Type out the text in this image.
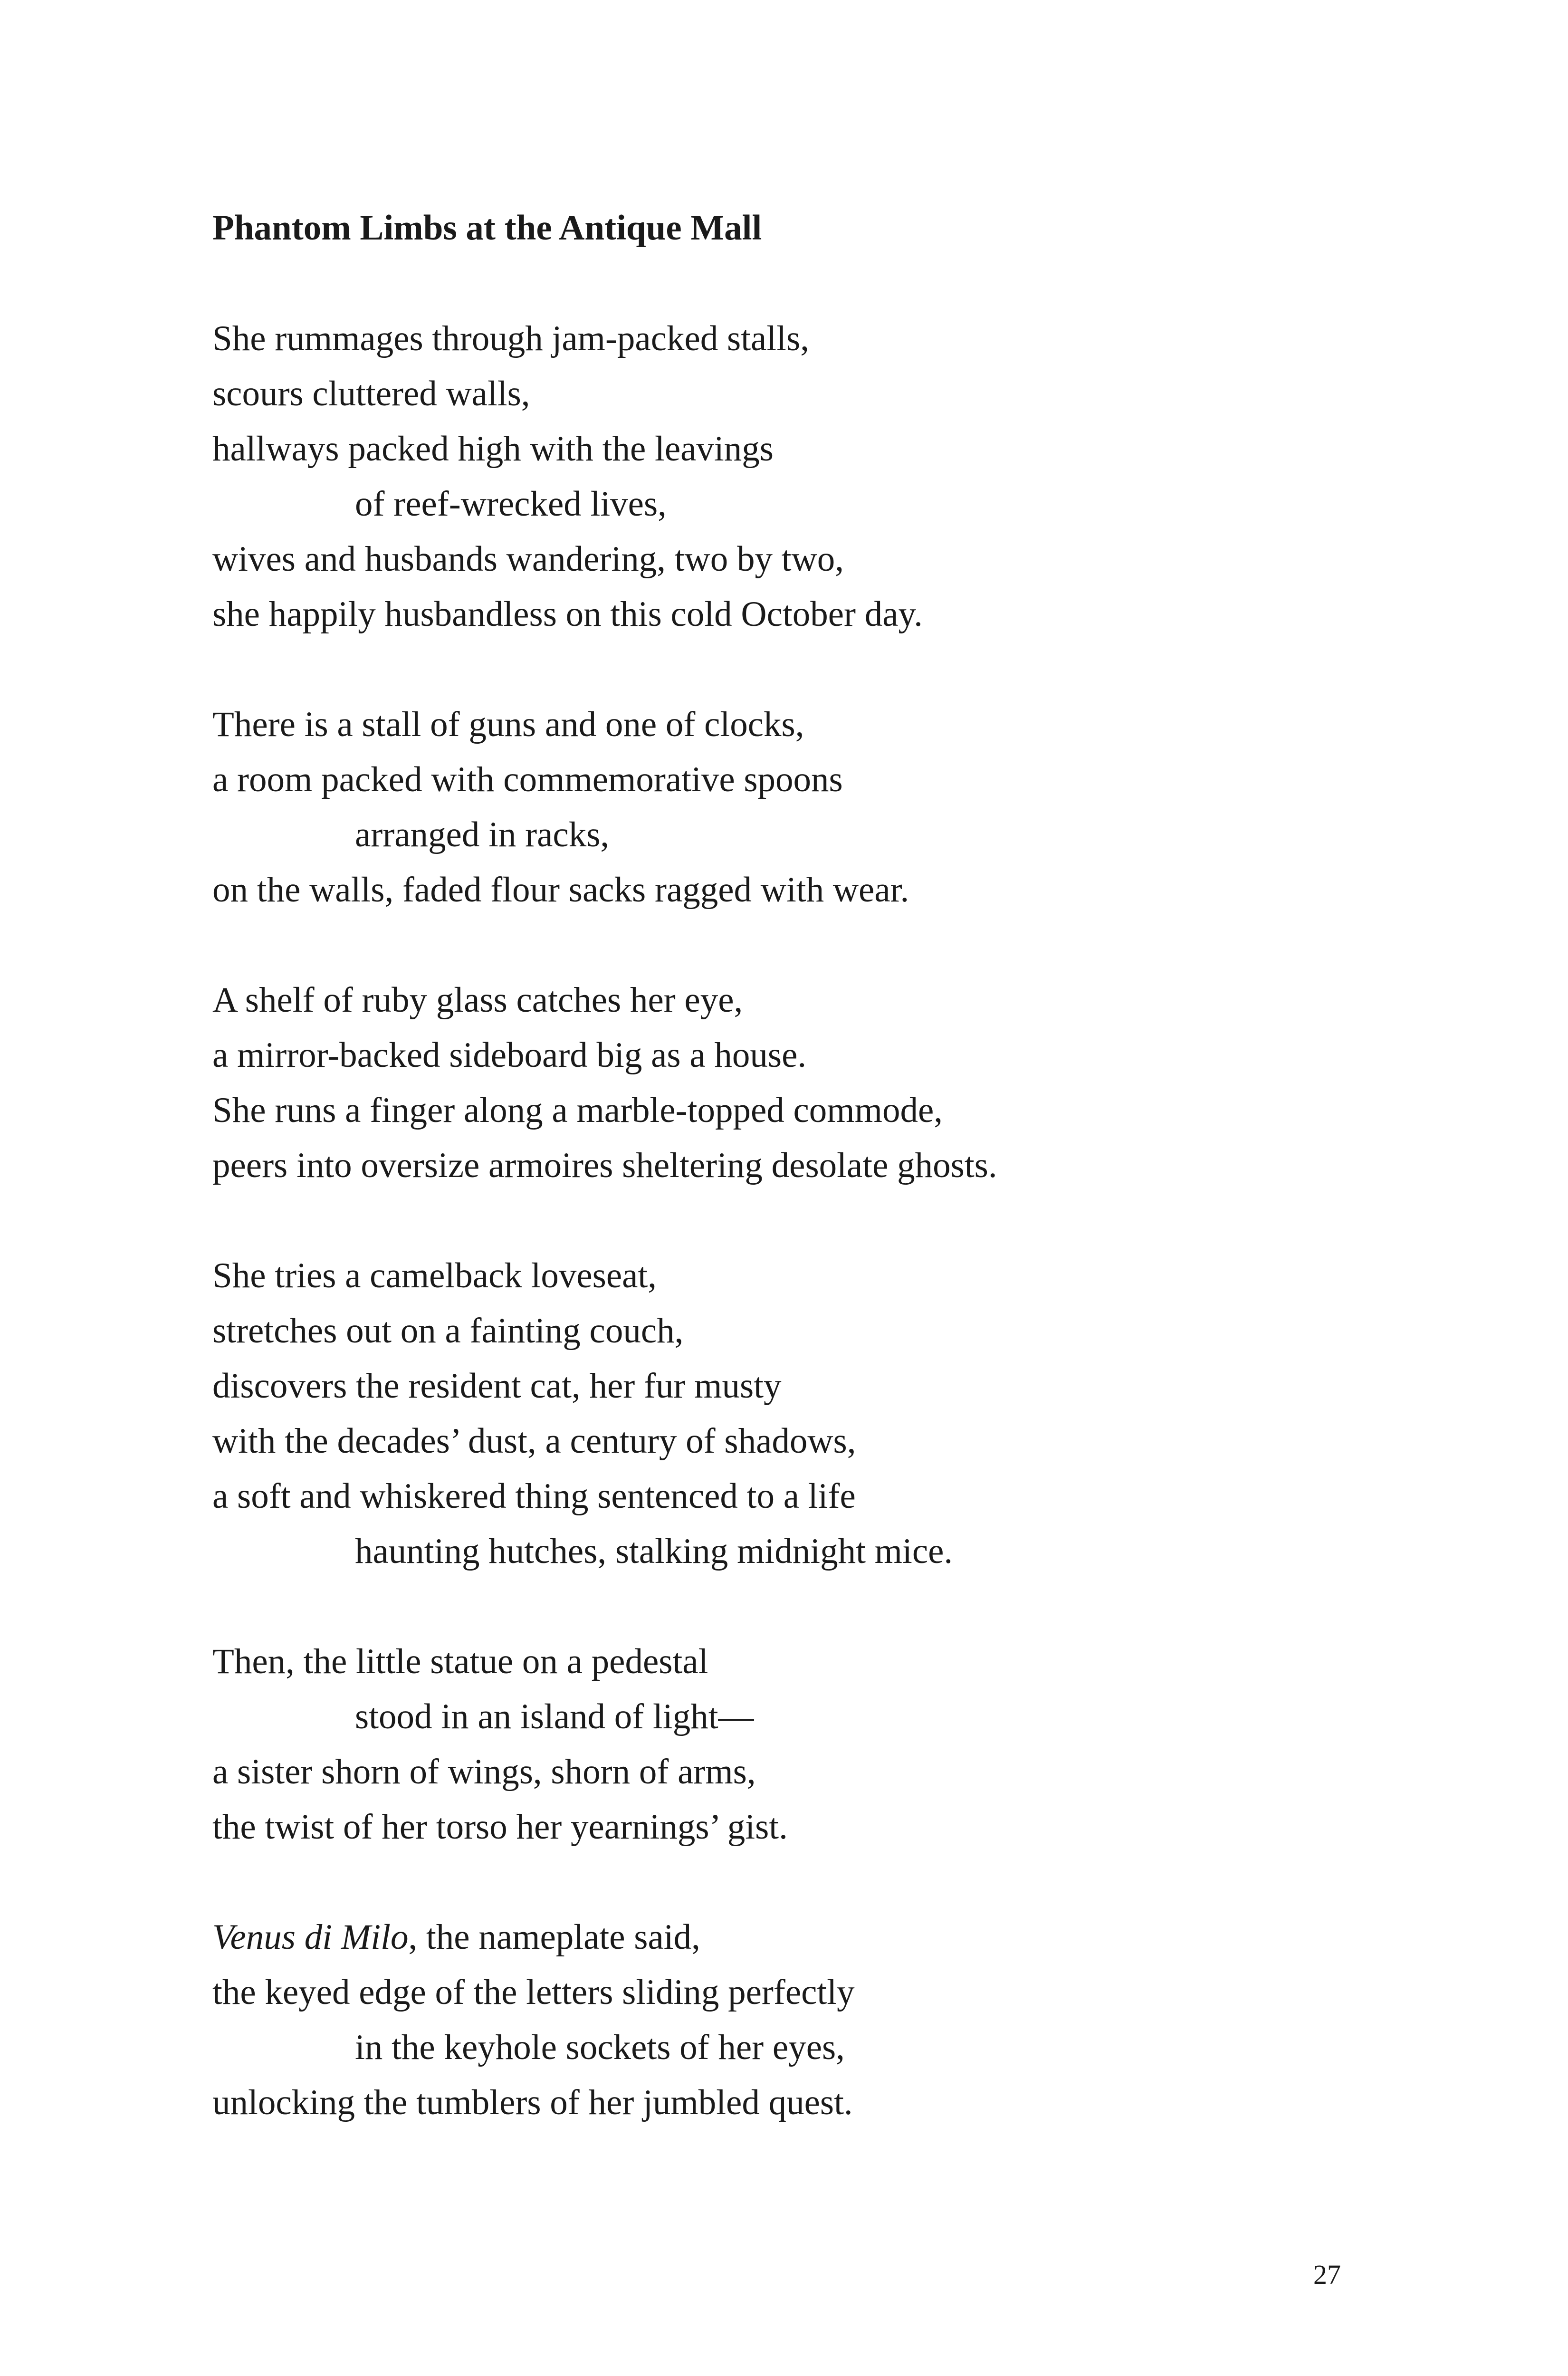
Phantom Limbs at the Antique Mall
She rummages through jam-packed stalls,
scours cluttered walls,
hallways packed high with the leavings
of reef-wrecked lives,
wives and husbands wandering, two by two,
she happily husbandless on this cold October day.
There is a stall of guns and one of clocks,
a room packed with commemorative spoons
arranged in racks,
on the walls, faded flour sacks ragged with wear.
A shelf of ruby glass catches her eye,
a mirror-backed sideboard big as a house.
She runs a finger along a marble-topped commode,
peers into oversize armoires sheltering desolate ghosts.
She tries a camelback loveseat,
stretches out on a fainting couch,
discovers the resident cat, her fur musty
with the decades’ dust, a century of shadows,
a soft and whiskered thing sentenced to a life
haunting hutches, stalking midnight mice.
Then, the little statue on a pedestal
stood in an island of light—
a sister shorn of wings, shorn of arms,
the twist of her torso her yearnings’ gist.
Venus di Milo, the nameplate said,
the keyed edge of the letters sliding perfectly
in the keyhole sockets of her eyes,
unlocking the tumblers of her jumbled quest.
27
